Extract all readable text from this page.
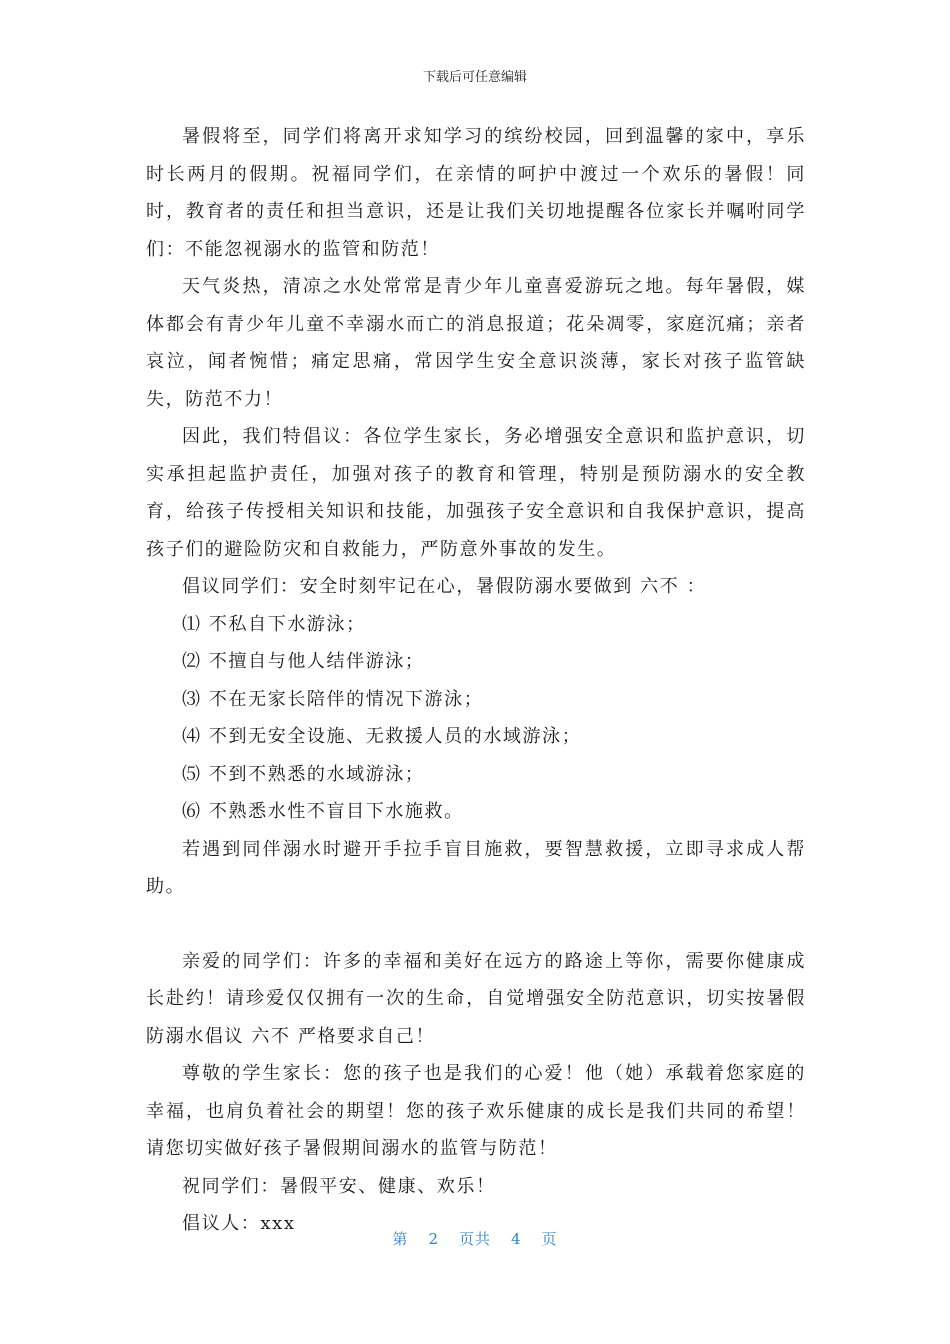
下载后可任意编辑

暑假将至，同学们将离开求知学习的缤纷校园，回到温馨的家中，享乐时长两月的假期。祝福同学们，在亲情的呵护中渡过一个欢乐的暑假！同时，教育者的责任和担当意识，还是让我们关切地提醒各位家长并嘱咐同学们：不能忽视溺水的监管和防范！

天气炎热，清凉之水处常常是青少年儿童喜爱游玩之地。每年暑假，媒体都会有青少年儿童不幸溺水而亡的消息报道；花朵凋零，家庭沉痛；亲者哀泣，闻者惋惜；痛定思痛，常因学生安全意识淡薄，家长对孩子监管缺失，防范不力！

因此，我们特倡议：各位学生家长，务必增强安全意识和监护意识，切实承担起监护责任，加强对孩子的教育和管理，特别是预防溺水的安全教育，给孩子传授相关知识和技能，加强孩子安全意识和自我保护意识，提高孩子们的避险防灾和自救能力，严防意外事故的发生。

倡议同学们：安全时刻牢记在心，暑假防溺水要做到 六不 ：

⑴ 不私自下水游泳；

⑵ 不擅自与他人结伴游泳；

⑶ 不在无家长陪伴的情况下游泳；

⑷ 不到无安全设施、无救援人员的水域游泳；

⑸ 不到不熟悉的水域游泳；

⑹ 不熟悉水性不盲目下水施救。

若遇到同伴溺水时避开手拉手盲目施救，要智慧救援，立即寻求成人帮助。

亲爱的同学们：许多的幸福和美好在远方的路途上等你，需要你健康成长赴约！请珍爱仅仅拥有一次的生命，自觉增强安全防范意识，切实按暑假防溺水倡议 六不 严格要求自己！

尊敬的学生家长：您的孩子也是我们的心爱！他（她）承载着您家庭的幸福，也肩负着社会的期望！您的孩子欢乐健康的成长是我们共同的希望！请您切实做好孩子暑假期间溺水的监管与防范！

祝同学们：暑假平安、健康、欢乐！

倡议人：xxx

第 2 页共 4 页
